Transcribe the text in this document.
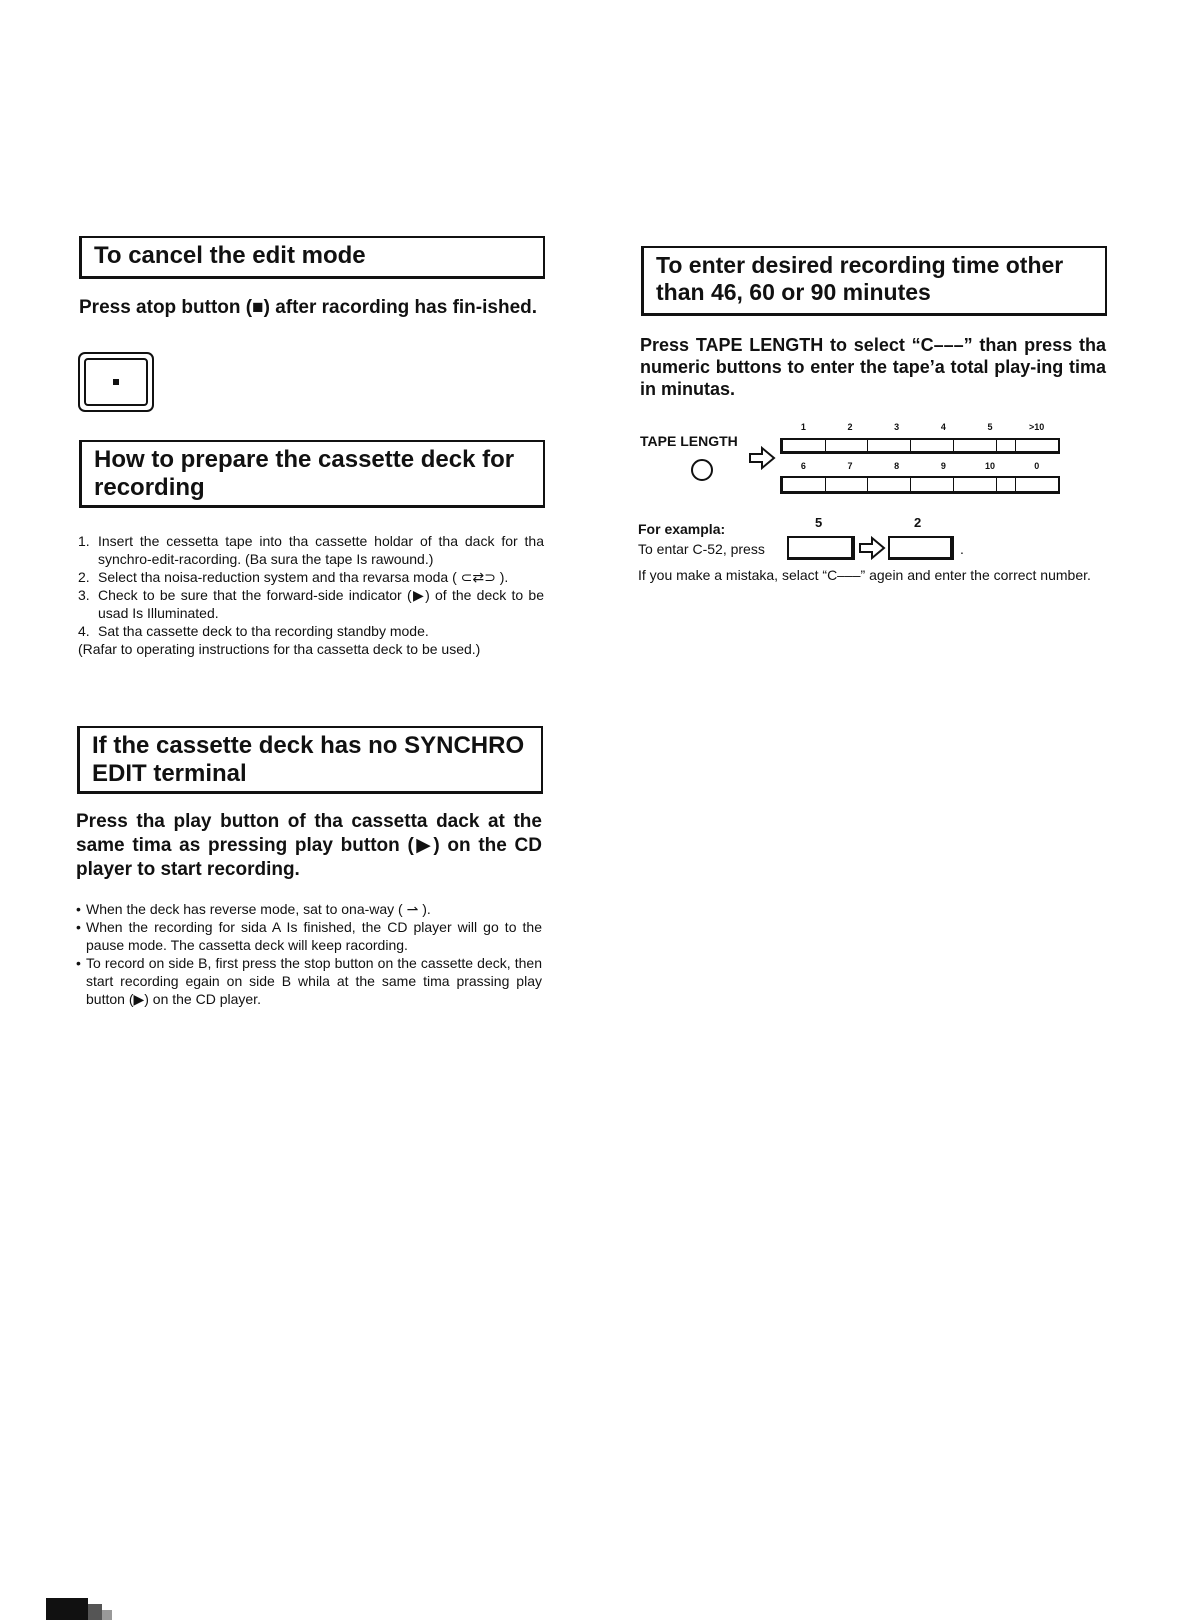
To cancel the edit mode
Press atop button (■) after racording has fin-ished.
How to prepare the cassette deck for recording
1. Insert the cessetta tape into tha cassette holdar of tha dack for tha synchro-edit-racording. (Ba sura the tape Is rawound.)
2. Select tha noisa-reduction system and tha revarsa moda ( ⊂⇄⊃ ).
3. Check to be sure that the forward-side indicator (▶) of the deck to be usad Is Illuminated.
4. Sat tha cassette deck to tha recording standby mode.
(Rafar to operating instructions for tha cassetta deck to be used.)
If the cassette deck has no SYNCHRO EDIT terminal
Press tha play button of tha cassetta dack at the same tima as pressing play button (▶) on the CD player to start recording.
• When the deck has reverse mode, sat to ona-way ( ⇀ ).
• When the recording for sida A Is finished, the CD player will go to the pause mode. The cassetta deck will keep racording.
• To record on side B, first press the stop button on the cassette deck, then start recording egain on side B whila at the same tima prassing play button (▶) on the CD player.
To enter desired recording time other than 46, 60 or 90 minutes
Press TAPE LENGTH to select “C–––” than press tha numeric buttons to enter the tape’a total play-ing tima in minutas.
TAPE LENGTH
1	2	3	4	5	>10
6	7	8	9	10	0
For exampla:	5	2
To entar C-52, press	.
If you make a mistaka, selact “C–––” agein and enter the correct number.
